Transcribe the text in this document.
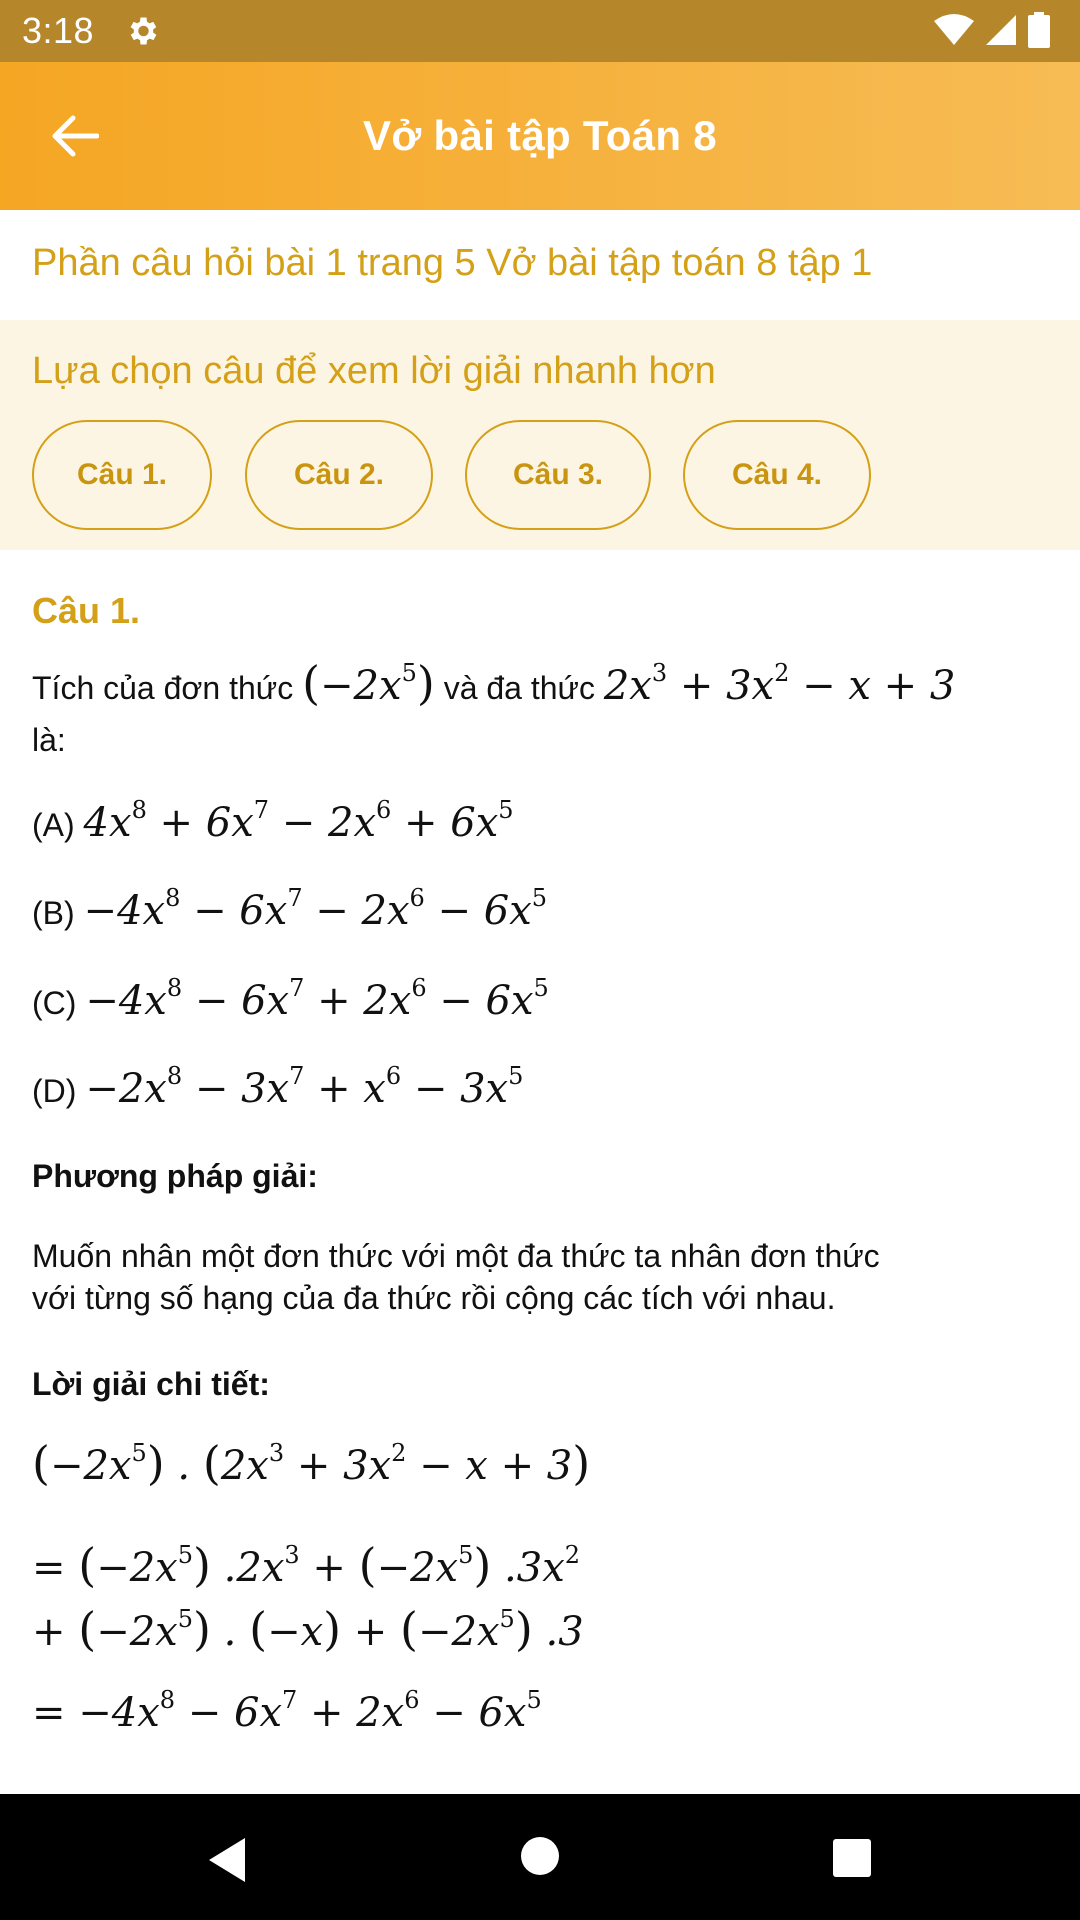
3:18
Vở bài tập Toán 8
Phần câu hỏi bài 1 trang 5 Vở bài tập toán 8 tập 1
Lựa chọn câu để xem lời giải nhanh hơn
Câu 1.	Câu 2.	Câu 3.	Câu 4.
Câu 1.
Tích của đơn thức $(-2x^5)$ và đa thức $2x^3 + 3x^2 - x + 3$
là:
(A) $4x^8 + 6x^7 - 2x^6 + 6x^5$
$(B) -4x^8 - 6x^7 - 2x^6 - 6x^5$
$(C) -4x^8 - 6x^7 + 2x^6 - 6x^5$
$(D) -2x^8 - 3x^7 + x^6 - 3x^5$
Phương pháp giải:
Muốn nhân một đơn thức với một đa thức ta nhân đơn thức
với từng số hạng của đa thức rồi cộng các tích với nhau.
Lời giải chi tiết:
$(-2x^5)$ . $(2x^3 + 3x^2 - x + 3)$
= $(-2x^5) .2x^3 + (-2x^5)$ $.3x^2$
+ $(-2x^5)$ . $(-x) + (-2x^5)$ .3
= $-4x^8 - 6x^7 + 2x^6 - 6x^5$
